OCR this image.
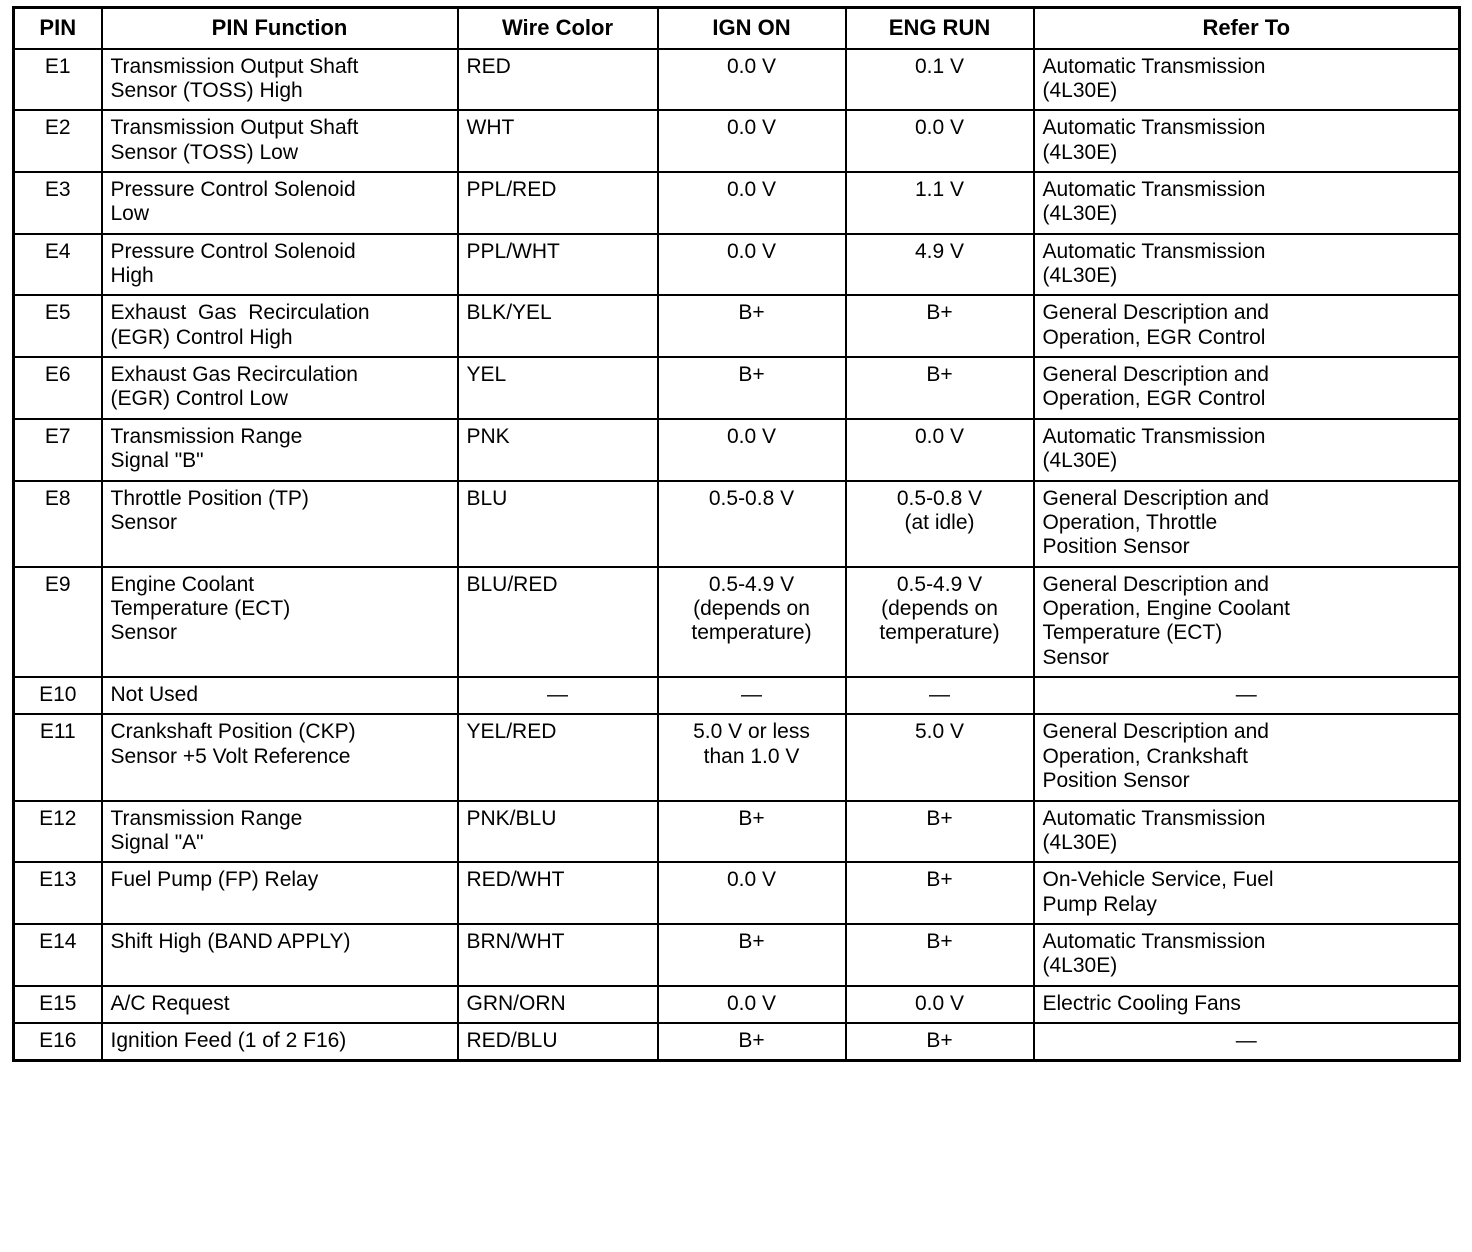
PIN	PIN Function	Wire Color	IGN ON	ENG RUN	Refer To
E1	Transmission Output Shaft
Sensor (TOSS) High	RED	0.0 V	0.1 V	Automatic Transmission
(4L30E)

E2	Transmission Output Shaft
Sensor (TOSS) Low	WHT	0.0 V	0.0 V	Automatic Transmission
(4L30E)

E3	Pressure Control Solenoid
Low	PPL/RED	0.0 V	1.1 V	Automatic Transmission
(4L30E)

E4	Pressure Control Solenoid
High	PPL/WHT	0.0 V	4.9 V	Automatic Transmission
(4L30E)

E5	Exhaust  Gas  Recirculation
(EGR) Control High	BLK/YEL	B+	B+	General Description and
Operation, EGR Control

E6	Exhaust Gas Recirculation
(EGR) Control Low	YEL	B+	B+	General Description and
Operation, EGR Control

E7	Transmission Range
Signal "B"	PNK	0.0 V	0.0 V	Automatic Transmission
(4L30E)

E8	Throttle Position (TP)
Sensor	BLU	0.5-0.8 V	0.5-0.8 V
(at idle)	General Description and
Operation, Throttle
Position Sensor

E9	Engine Coolant
Temperature (ECT)
Sensor	BLU/RED	0.5-4.9 V
(depends on
temperature)	0.5-4.9 V
(depends on
temperature)	General Description and
Operation, Engine Coolant
Temperature (ECT)
Sensor

E10	Not Used	—	—	—	—

E11	Crankshaft Position (CKP)
Sensor +5 Volt Reference	YEL/RED	5.0 V or less
than 1.0 V	5.0 V	General Description and
Operation, Crankshaft
Position Sensor

E12	Transmission Range
Signal "A"	PNK/BLU	B+	B+	Automatic Transmission
(4L30E)

E13	Fuel Pump (FP) Relay	RED/WHT	0.0 V	B+	On-Vehicle Service, Fuel
Pump Relay

E14	Shift High (BAND APPLY)	BRN/WHT	B+	B+	Automatic Transmission
(4L30E)

E15	A/C Request	GRN/ORN	0.0 V	0.0 V	Electric Cooling Fans

E16	Ignition Feed (1 of 2 F16)	RED/BLU	B+	B+	—
